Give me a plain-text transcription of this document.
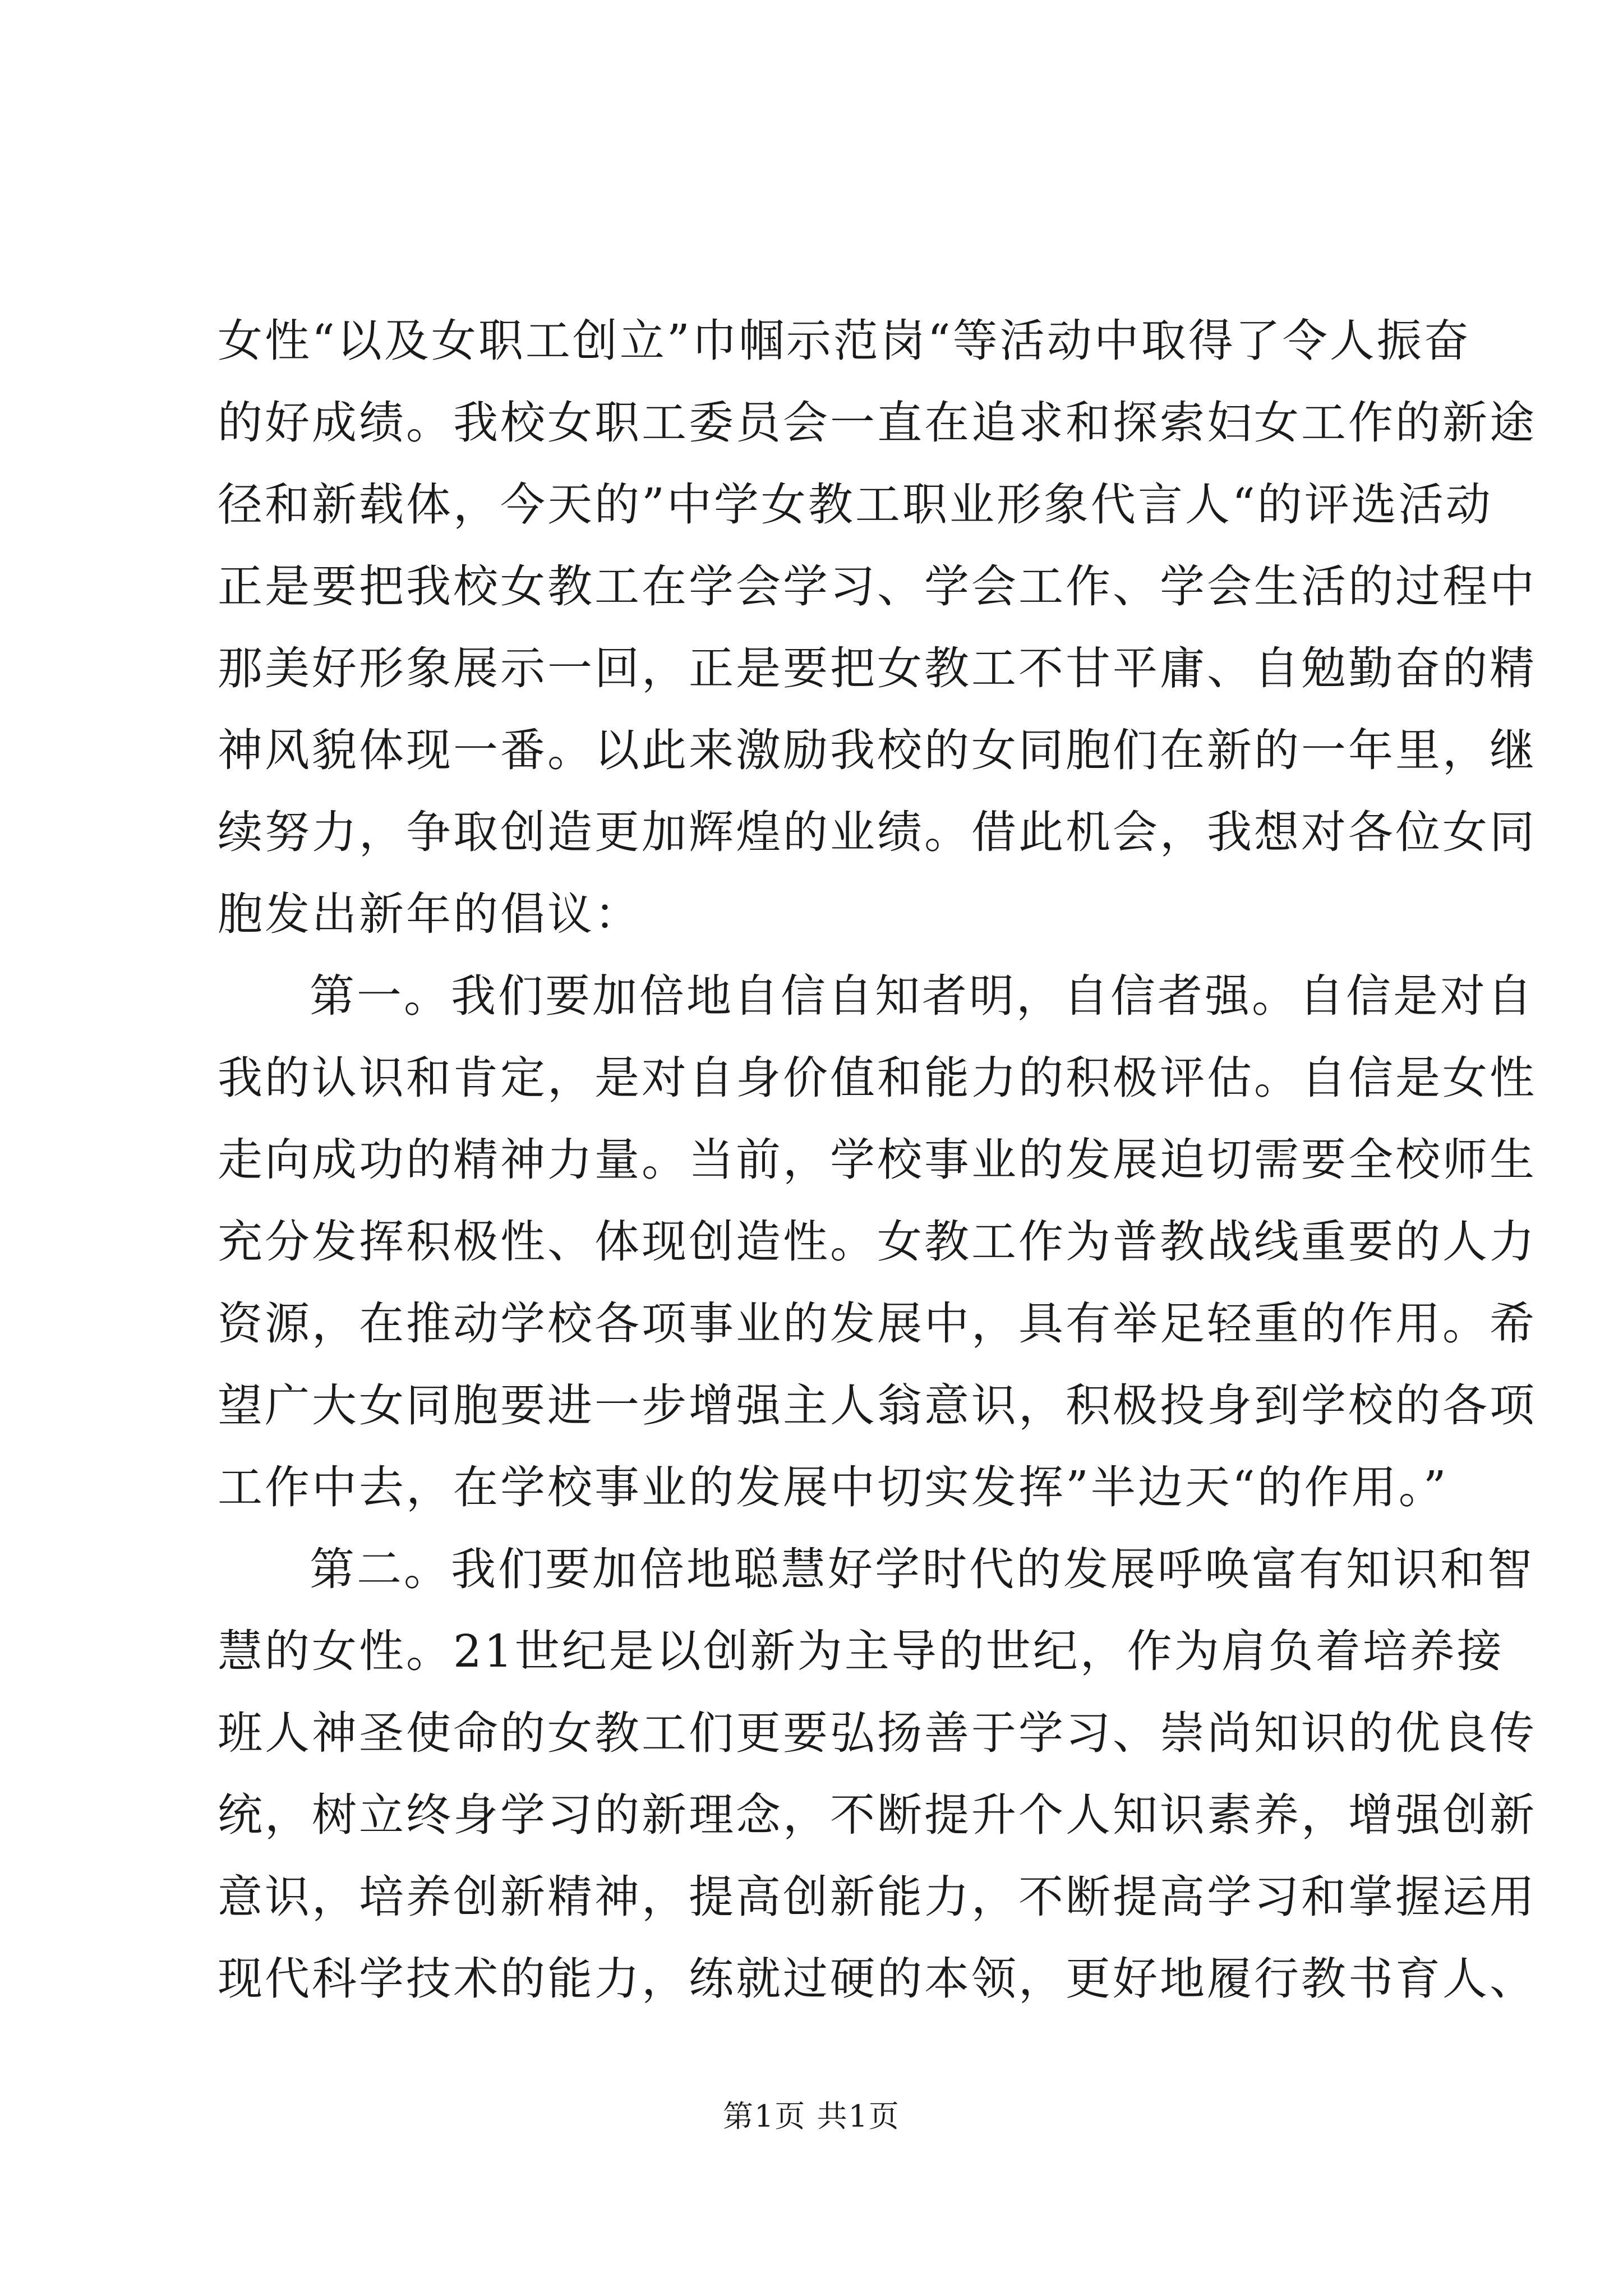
女性“以及女职工创立”巾帼示范岗“等活动中取得了令人振奋
的好成绩。我校女职工委员会一直在追求和探索妇女工作的新途
径和新载体，今天的”中学女教工职业形象代言人“的评选活动
正是要把我校女教工在学会学习、学会工作、学会生活的过程中
那美好形象展示一回，正是要把女教工不甘平庸、自勉勤奋的精
神风貌体现一番。以此来激励我校的女同胞们在新的一年里，继
续努力，争取创造更加辉煌的业绩。借此机会，我想对各位女同
胞发出新年的倡议：
第一。我们要加倍地自信自知者明，自信者强。自信是对自
我的认识和肯定，是对自身价值和能力的积极评估。自信是女性
走向成功的精神力量。当前，学校事业的发展迫切需要全校师生
充分发挥积极性、体现创造性。女教工作为普教战线重要的人力
资源，在推动学校各项事业的发展中，具有举足轻重的作用。希
望广大女同胞要进一步增强主人翁意识，积极投身到学校的各项
工作中去，在学校事业的发展中切实发挥”半边天“的作用。”
第二。我们要加倍地聪慧好学时代的发展呼唤富有知识和智
慧的女性。21世纪是以创新为主导的世纪，作为肩负着培养接
班人神圣使命的女教工们更要弘扬善于学习、崇尚知识的优良传
统，树立终身学习的新理念，不断提升个人知识素养，增强创新
意识，培养创新精神，提高创新能力，不断提高学习和掌握运用
现代科学技术的能力，练就过硬的本领，更好地履行教书育人、
第1页 共1页
